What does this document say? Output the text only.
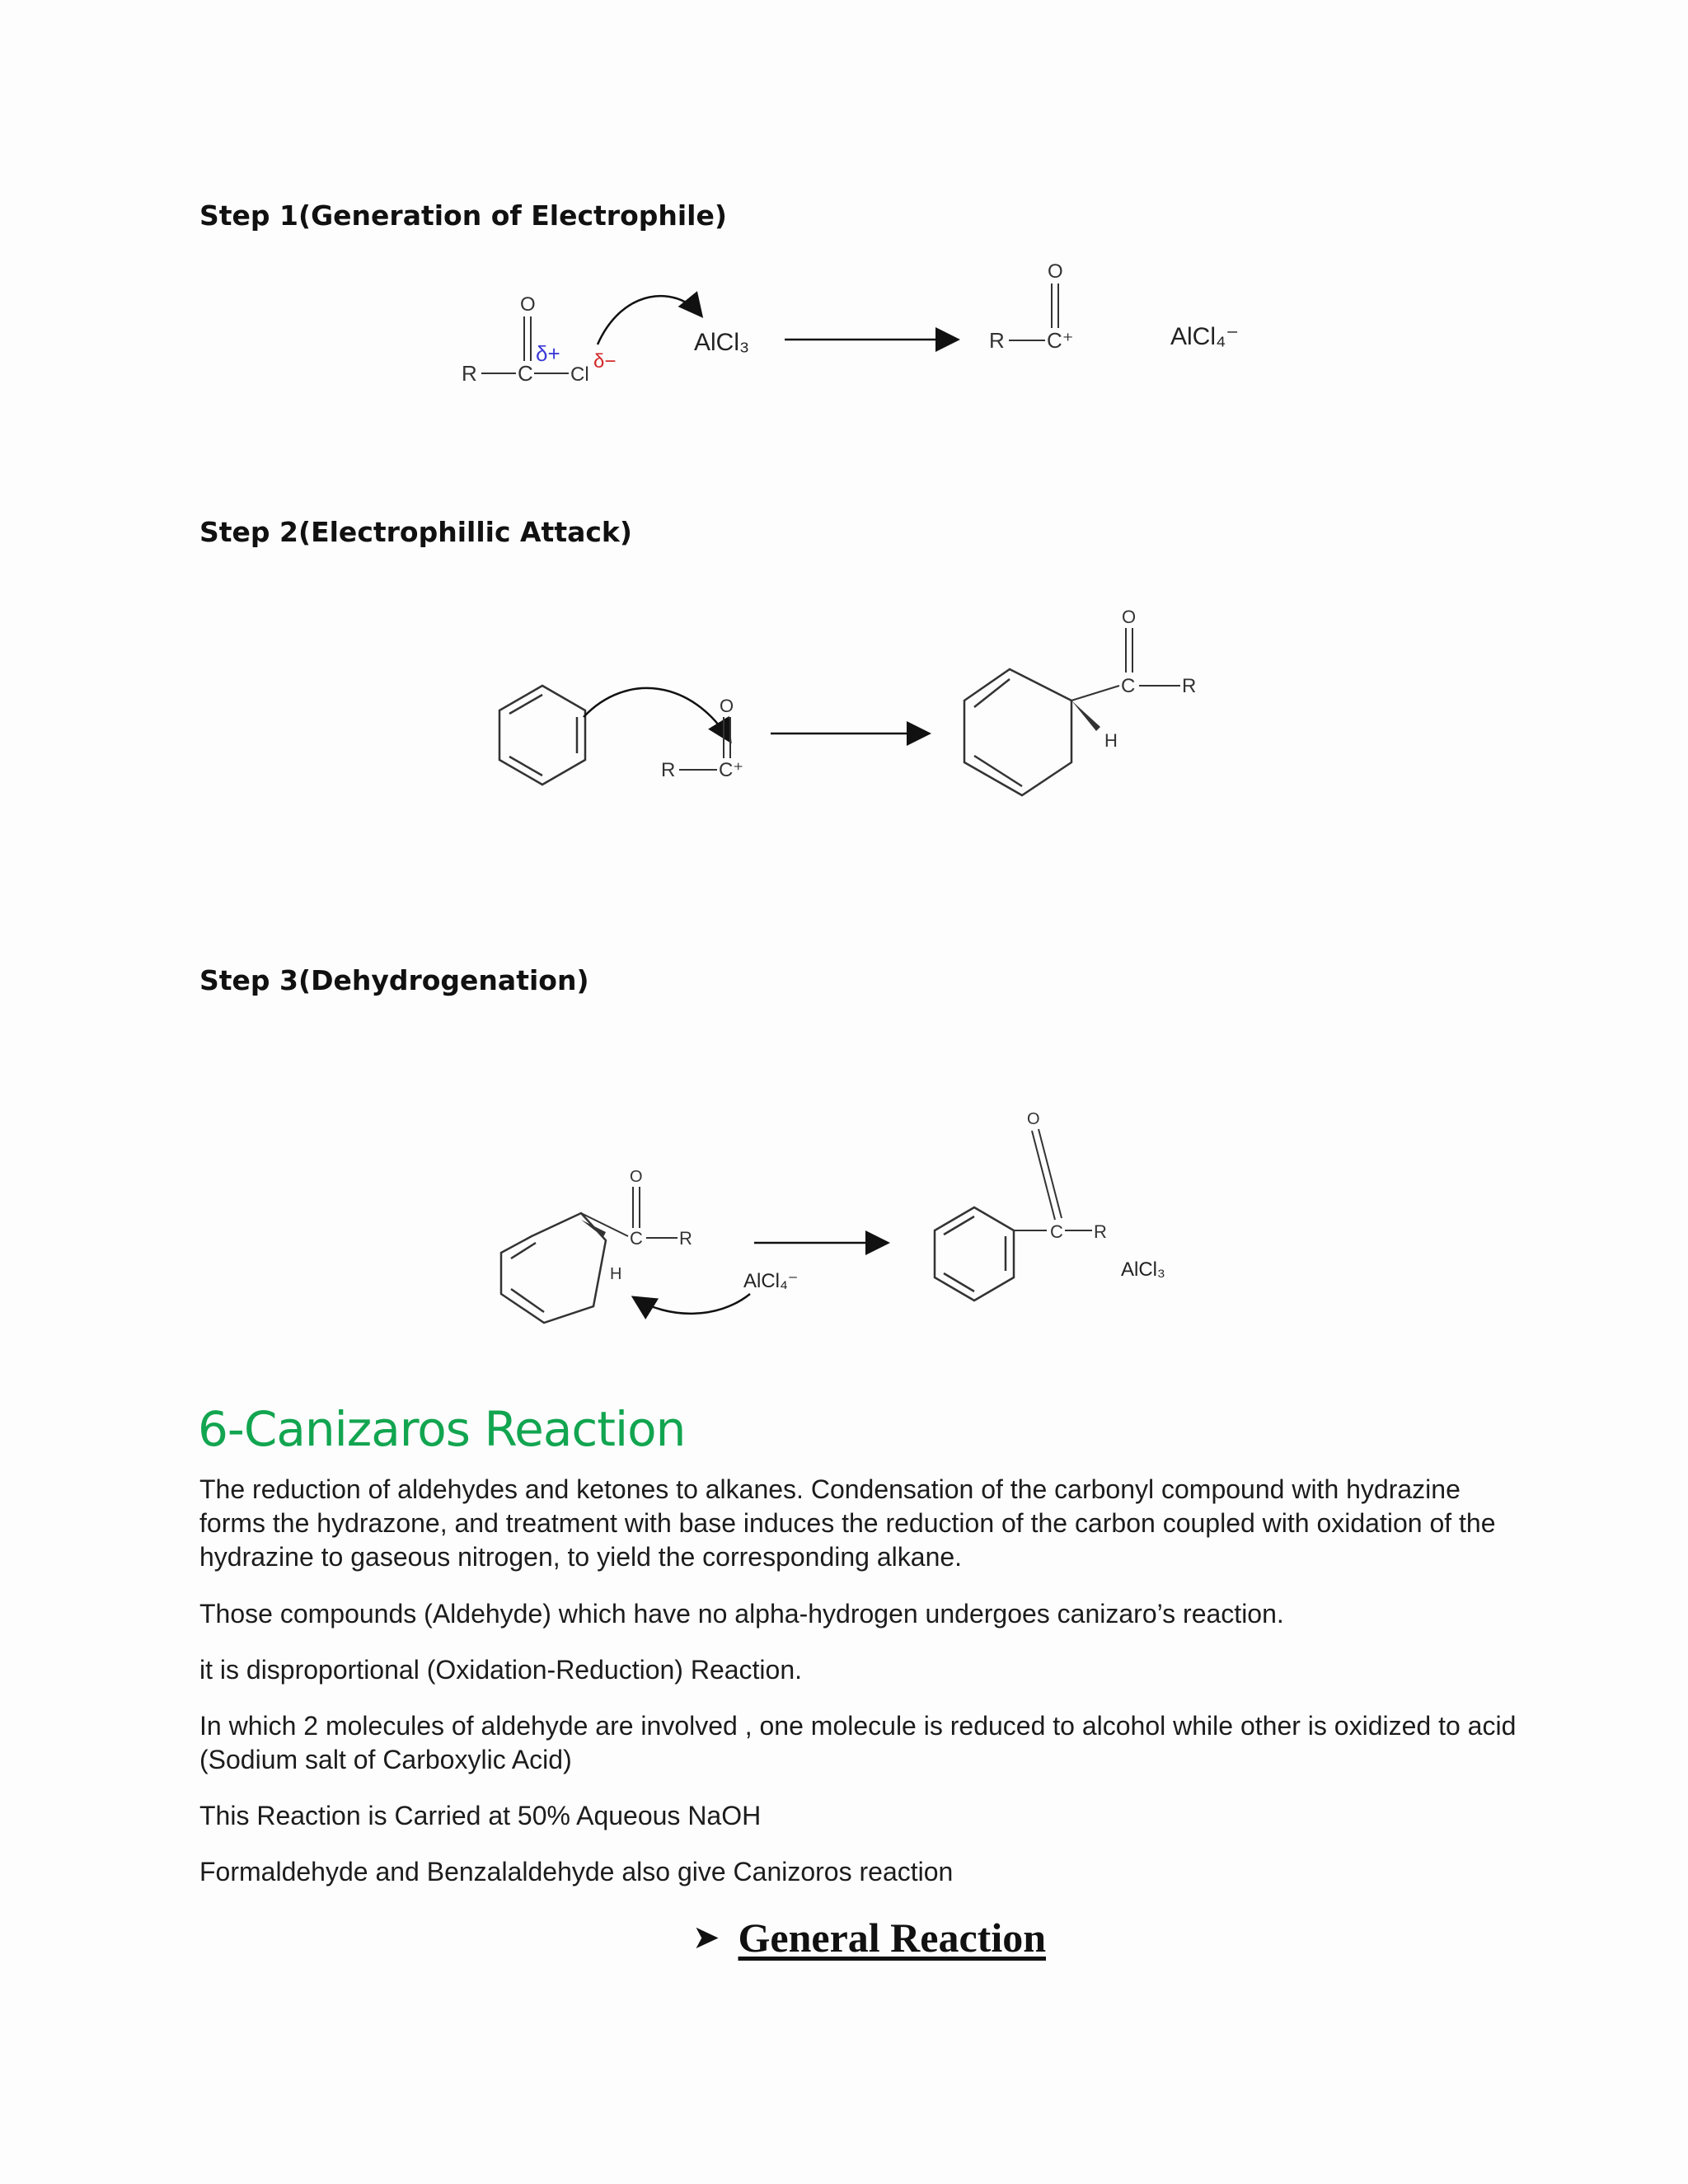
Step 1(Generation of Electrophile)
R C
O
δ+
Cl
δ−
AlCl₃	R C⁺
O
AlCl₄⁻
Step 2(Electrophillic Attack)
R C⁺
O
H
C
O
R
Step 3(Dehydrogenation)
H
C
O
R
AlCl₄⁻
C
O
R
AlCl₃
6-Canizaros Reaction

The reduction of aldehydes and ketones to alkanes. Condensation of the carbonyl compound with hydrazine forms the hydrazone, and treatment with base induces the reduction of the carbon coupled with oxidation of the hydrazine to gaseous nitrogen, to yield the corresponding alkane.

Those compounds (Aldehyde) which have no alpha-hydrogen undergoes canizaro’s reaction.

it is disproportional (Oxidation-Reduction) Reaction.

In which 2 molecules of aldehyde are involved , one molecule is reduced to alcohol while other is oxidized to acid (Sodium salt of Carboxylic Acid)

This Reaction is Carried at 50% Aqueous NaOH

Formaldehyde and Benzalaldehyde also give Canizoros reaction

➤ General Reaction
